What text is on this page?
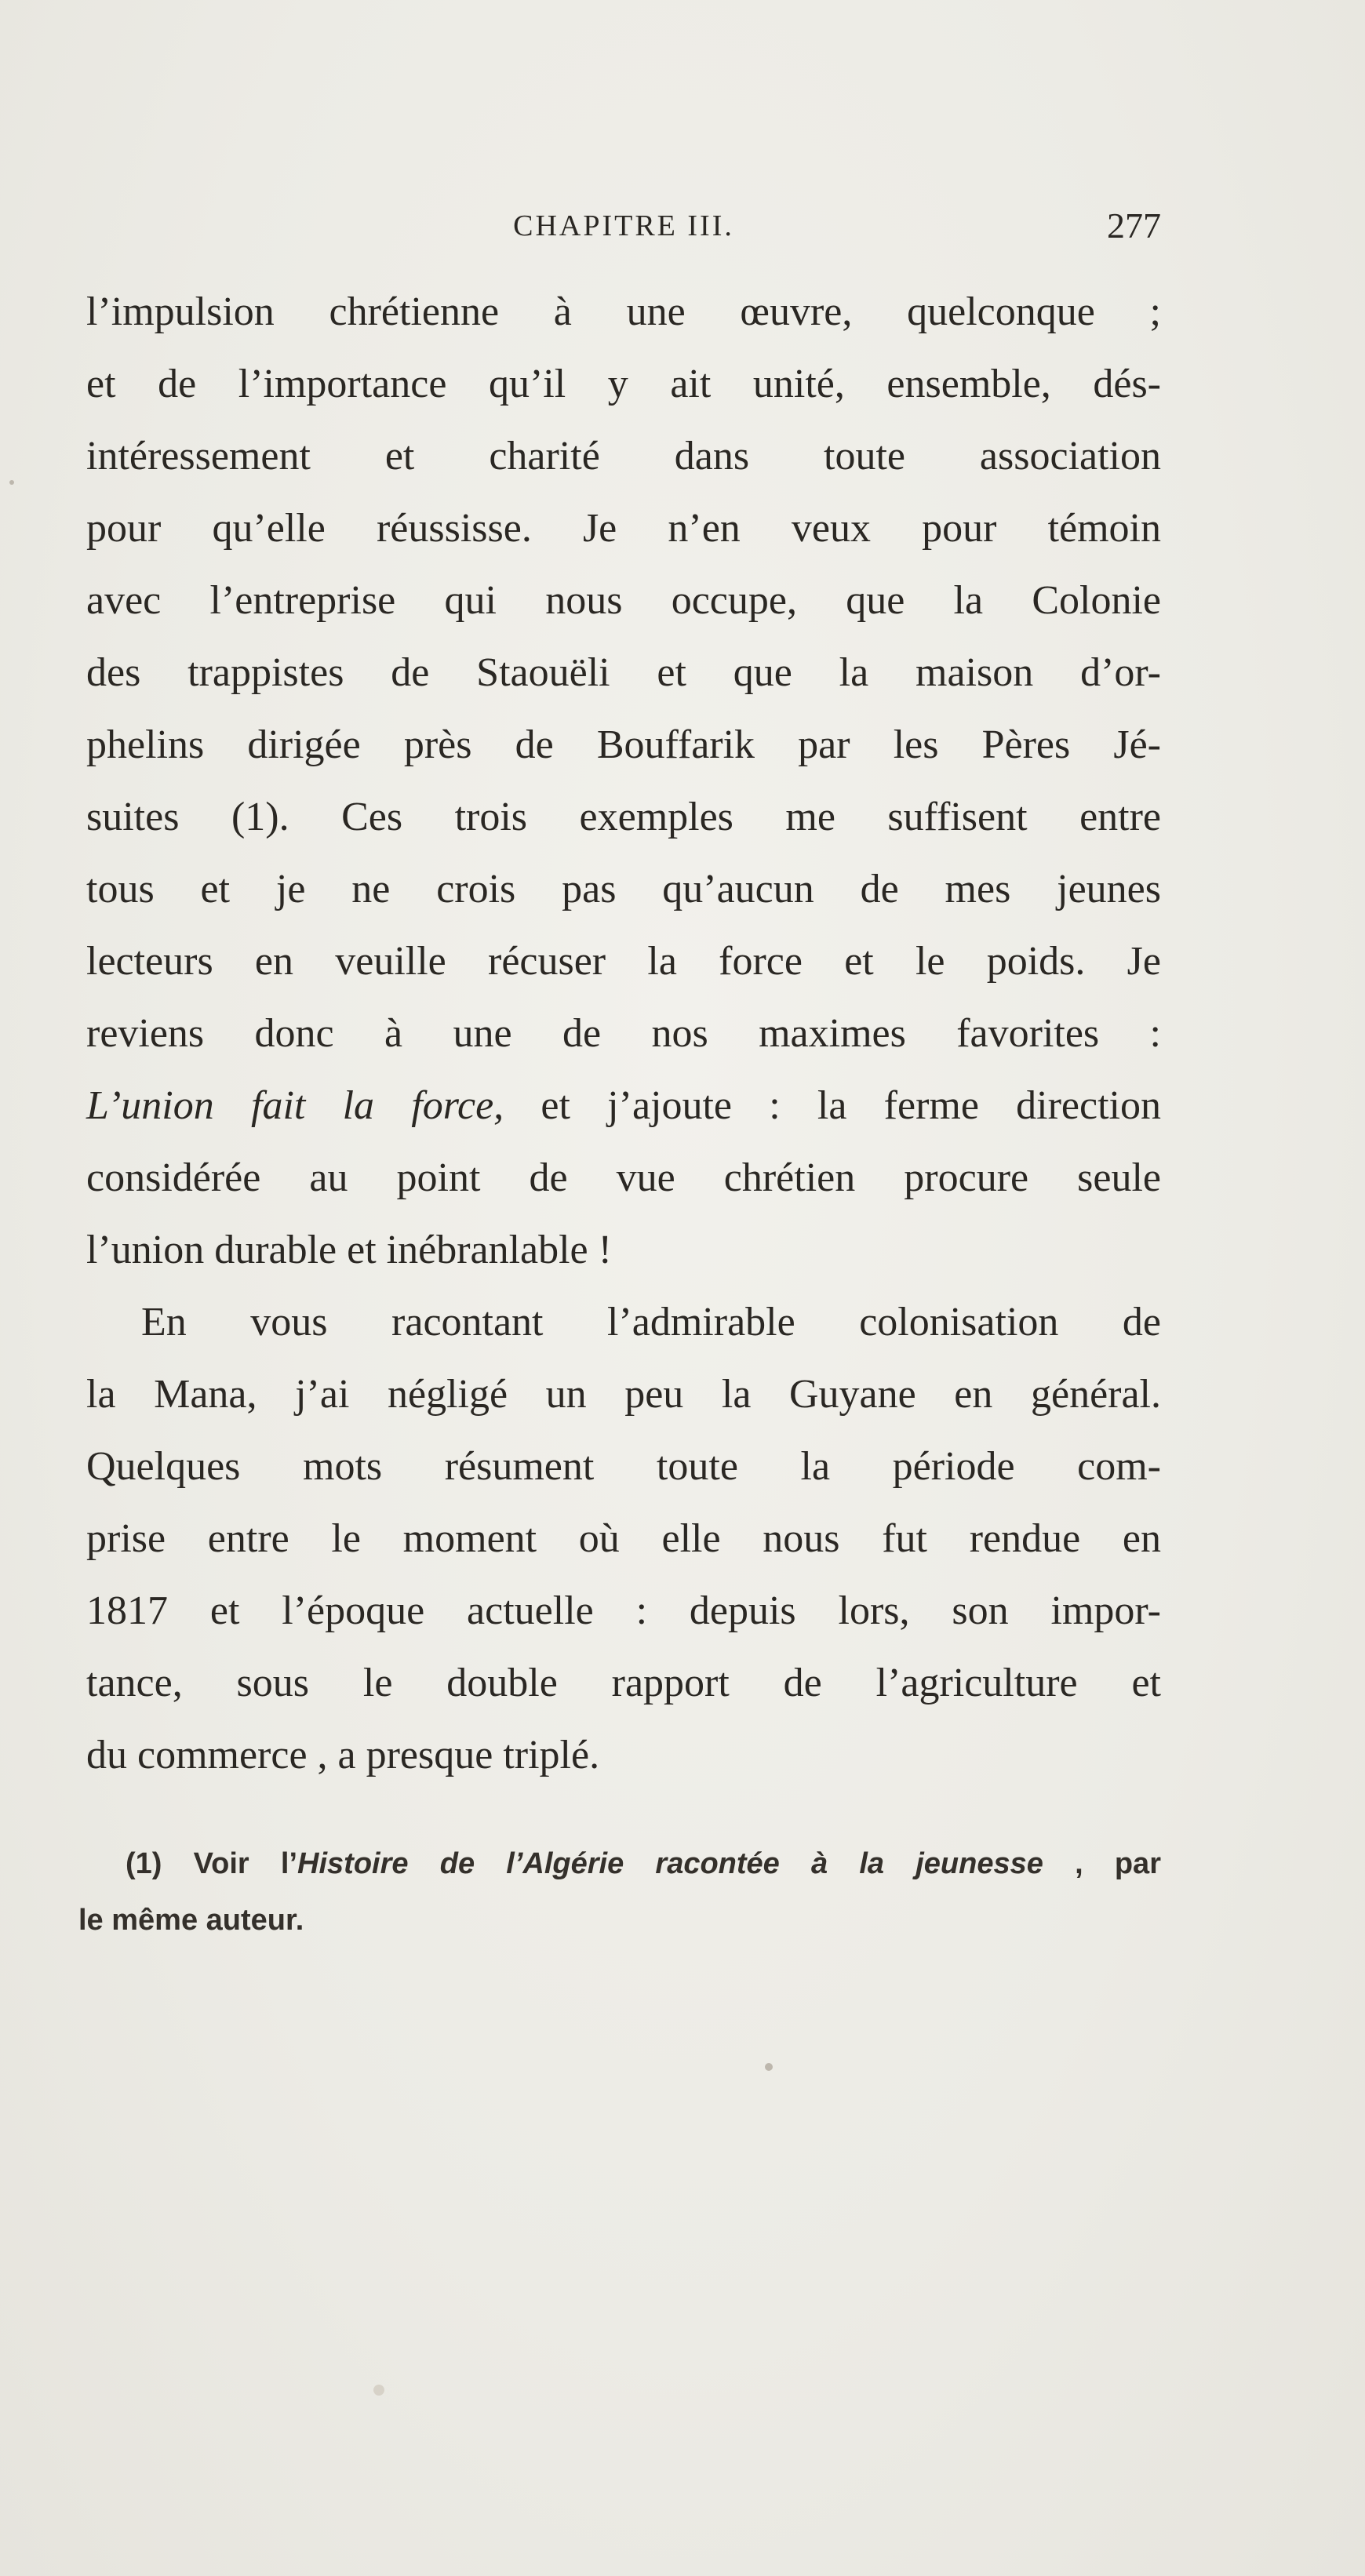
CHAPITRE III.	277
l’impulsion chrétienne à une œuvre, quelconque ;
et de l’importance qu’il y ait unité, ensemble, dés-
intéressement et charité dans toute association
pour qu’elle réussisse. Je n’en veux pour témoin
avec l’entreprise qui nous occupe, que la Colonie
des trappistes de Staouëli et que la maison d’or-
phelins dirigée près de Bouffarik par les Pères Jé-
suites (1). Ces trois exemples me suffisent entre
tous et je ne crois pas qu’aucun de mes jeunes
lecteurs en veuille récuser la force et le poids. Je
reviens donc à une de nos maximes favorites :
L’union fait la force, et j’ajoute : la ferme direction
considérée au point de vue chrétien procure seule
l’union durable et inébranlable !
En vous racontant l’admirable colonisation de
la Mana, j’ai négligé un peu la Guyane en général.
Quelques mots résument toute la période com-
prise entre le moment où elle nous fut rendue en
1817 et l’époque actuelle : depuis lors, son impor-
tance, sous le double rapport de l’agriculture et
du commerce , a presque triplé.
(1) Voir l’Histoire de l’Algérie racontée à la jeunesse , par
le même auteur.
